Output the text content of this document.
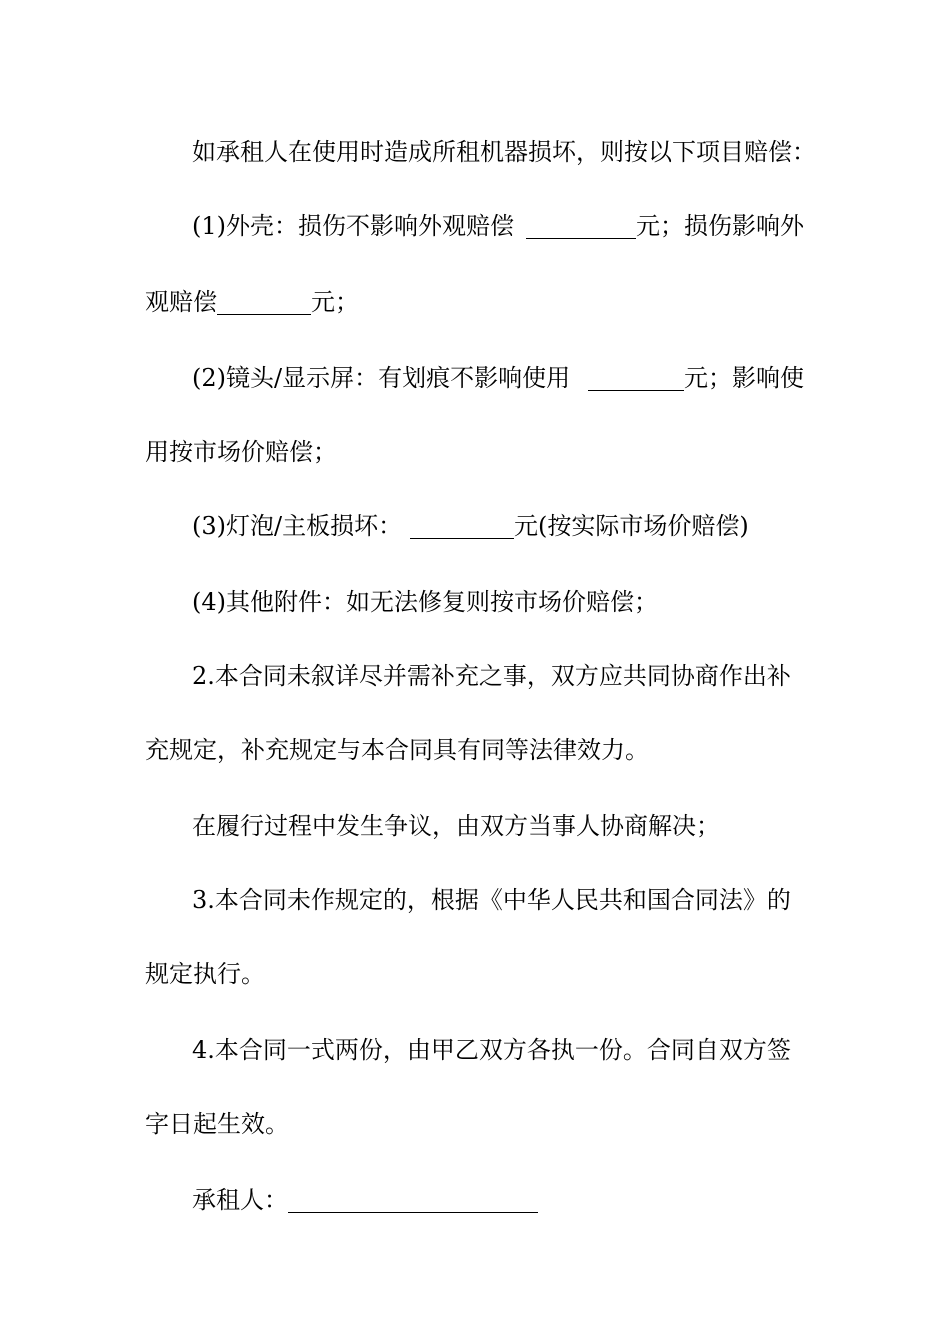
如承租人在使用时造成所租机器损坏，则按以下项目赔偿：
(1)外壳：损伤不影响外观赔偿	元；损伤影响外
观赔偿	元；
(2)镜头/显示屏：有划痕不影响使用	元；影响使
用按市场价赔偿；
(3)灯泡/主板损坏：	元(按实际市场价赔偿)
(4)其他附件：如无法修复则按市场价赔偿；
2.本合同未叙详尽并需补充之事，双方应共同协商作出补
充规定，补充规定与本合同具有同等法律效力。
在履行过程中发生争议，由双方当事人协商解决；
3.本合同未作规定的，根据《中华人民共和国合同法》的
规定执行。
4.本合同一式两份，由甲乙双方各执一份。合同自双方签
字日起生效。
承租人：
